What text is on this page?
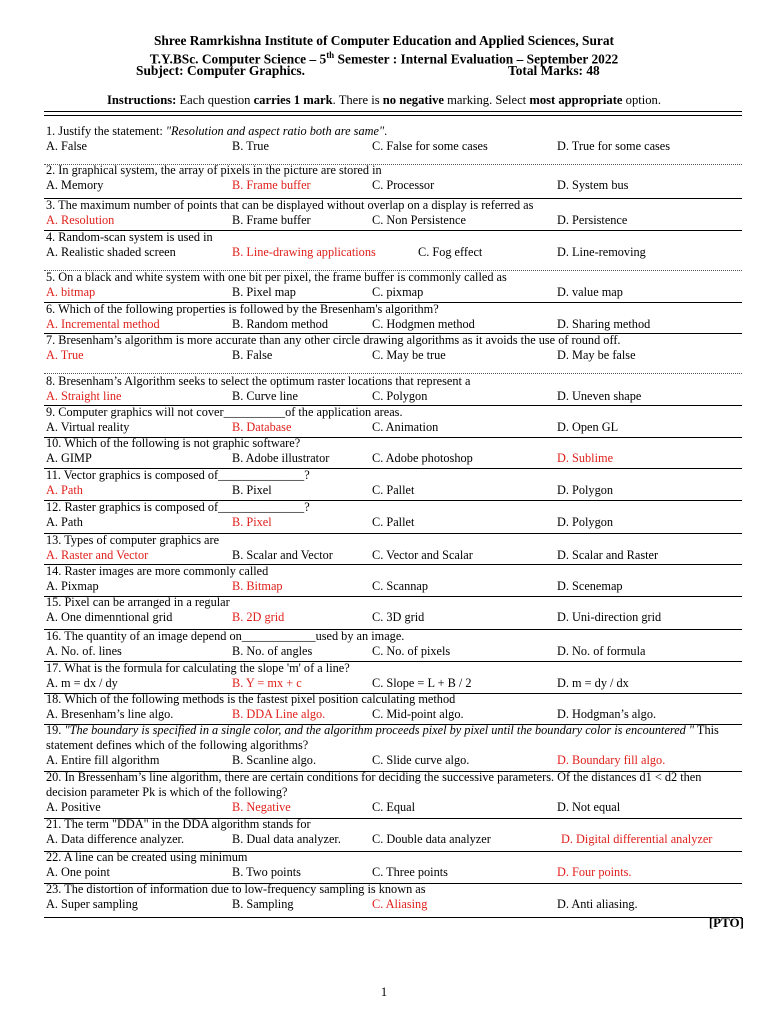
Shree Ramrkishna Institute of Computer Education and Applied Sciences, Surat
T.Y.BSc. Computer Science – 5th Semester : Internal Evaluation – September 2022
Subject: Computer Graphics.	Total Marks: 48
Instructions: Each question carries 1 mark. There is no negative marking. Select most appropriate option.
1. Justify the statement: "Resolution and aspect ratio both are same".
A. False	B. True	C. False for some cases	D. True for some cases
2. In graphical system, the array of pixels in the picture are stored in
A. Memory	B. Frame buffer	C. Processor	D. System bus
3. The maximum number of points that can be displayed without overlap on a display is referred as
A. Resolution	B. Frame buffer	C. Non Persistence	D. Persistence
4. Random-scan system is used in
A. Realistic shaded screen	B. Line-drawing applications	C. Fog effect	D. Line-removing
5. On a black and white system with one bit per pixel, the frame buffer is commonly called as
A. bitmap	B. Pixel map	C. pixmap	D. value map
6. Which of the following properties is followed by the Bresenham's algorithm?
A. Incremental method	B. Random method	C. Hodgmen method	D. Sharing method
7. Bresenham’s algorithm is more accurate than any other circle drawing algorithms as it avoids the use of round off.
A. True	B. False	C. May be true	D. May be false
8. Bresenham’s Algorithm seeks to select the optimum raster locations that represent a
A. Straight line	B. Curve line	C. Polygon	D. Uneven shape
9. Computer graphics will not cover__________of the application areas.
A. Virtual reality	B. Database	C. Animation	D. Open GL
10. Which of the following is not graphic software?
A. GIMP	B. Adobe illustrator	C. Adobe photoshop	D. Sublime
11. Vector graphics is composed of______________?
A. Path	B. Pixel	C. Pallet	D. Polygon
12. Raster graphics is composed of______________?
A. Path	B. Pixel	C. Pallet	D. Polygon
13. Types of computer graphics are
A. Raster and Vector	B. Scalar and Vector	C. Vector and Scalar	D. Scalar and Raster
14. Raster images are more commonly called
A. Pixmap	B. Bitmap	C. Scannap	D. Scenemap
15. Pixel can be arranged in a regular
A. One dimenntional grid	B. 2D grid	C. 3D grid	D. Uni-direction grid
16. The quantity of an image depend on____________used by an image.
A. No. of. lines	B. No. of angles	C. No. of pixels	D. No. of formula
17. What is the formula for calculating the slope 'm' of a line?
A. m = dx / dy	B. Y = mx + c	C. Slope = L + B / 2	D. m = dy / dx
18. Which of the following methods is the fastest pixel position calculating method
A. Bresenham’s line algo.	B. DDA Line algo.	C. Mid-point algo.	D. Hodgman’s algo.
19. "The boundary is specified in a single color, and the algorithm proceeds pixel by pixel until the boundary color is encountered " This statement defines which of the following algorithms?
A. Entire fill algorithm	B. Scanline algo.	C. Slide curve algo.	D. Boundary fill algo.
20. In Bressenham’s line algorithm, there are certain conditions for deciding the successive parameters. Of the distances d1 < d2 then decision parameter Pk is which of the following?
A. Positive	B. Negative	C. Equal	D. Not equal
21. The term "DDA" in the DDA algorithm stands for
A. Data difference analyzer.	B. Dual data analyzer.	C. Double data analyzer	D. Digital differential analyzer
22. A line can be created using minimum
A. One point	B. Two points	C. Three points	D. Four points.
23. The distortion of information due to low-frequency sampling is known as
A. Super sampling	B. Sampling	C. Aliasing	D. Anti aliasing.
[PTO]
1
